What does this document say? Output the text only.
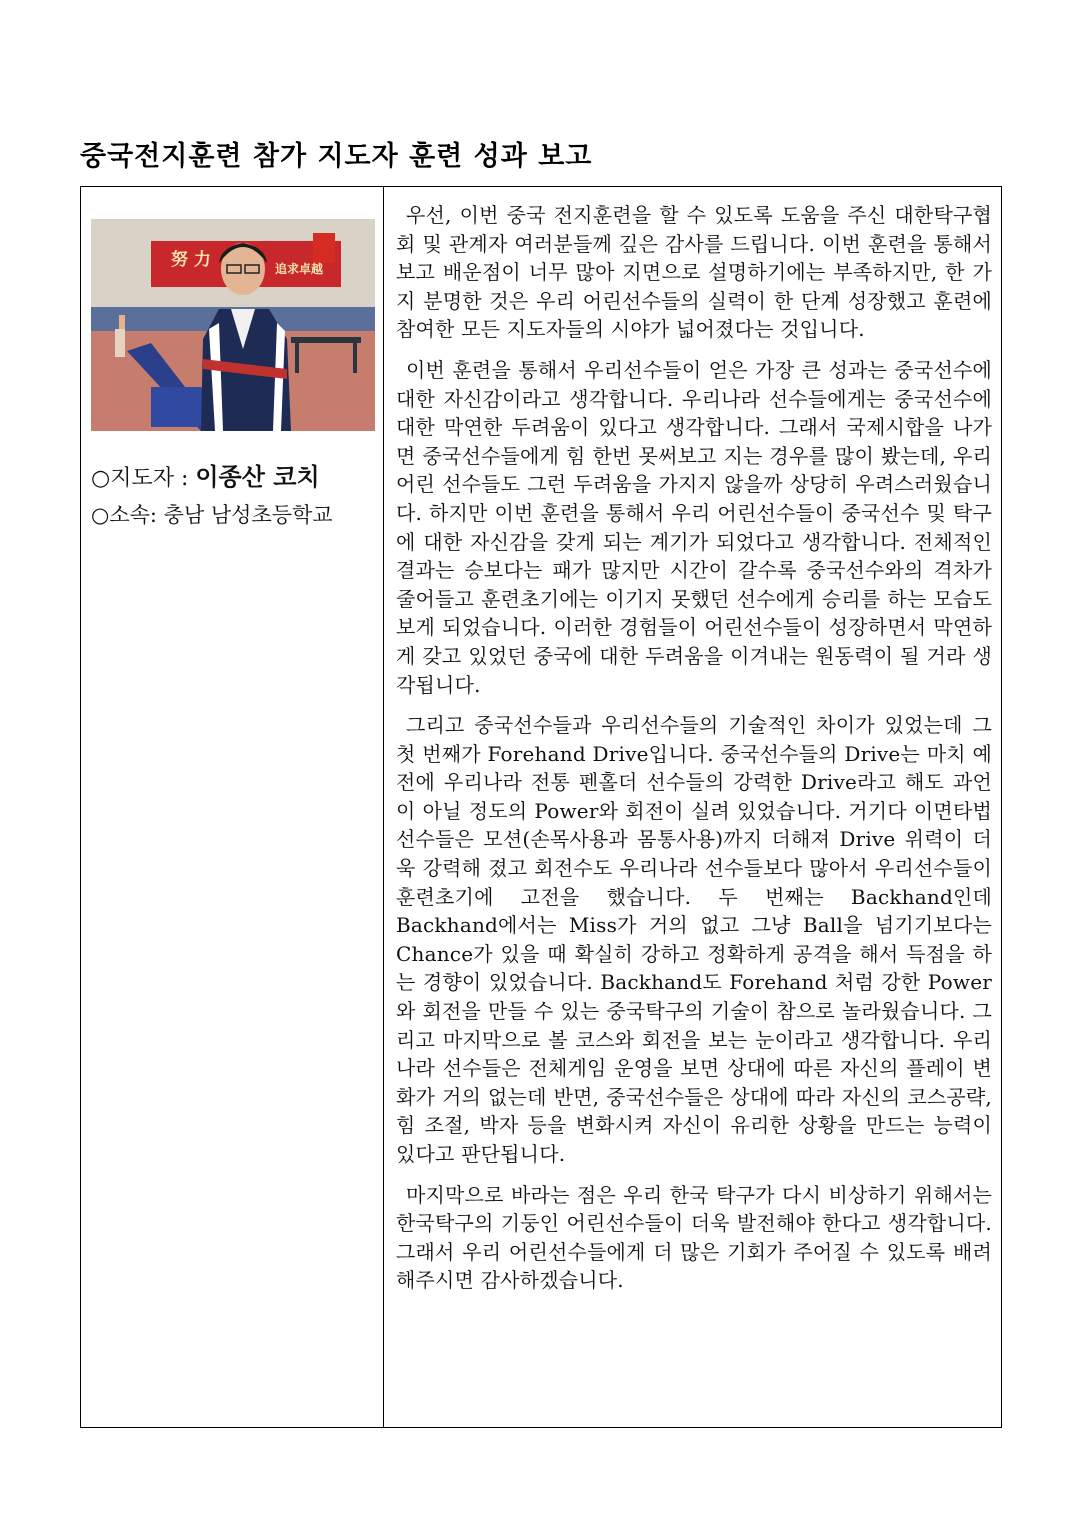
중국전지훈련 참가 지도자 훈련 성과 보고
努 力	追求卓越
○지도자 : 이종산 코치
○소속: 충남 남성초등학교

우선, 이번 중국 전지훈련을 할 수 있도록 도움을 주신 대한탁구협회 및 관계자 여러분들께 깊은 감사를 드립니다. 이번 훈련을 통해서 보고 배운점이 너무 많아 지면으로 설명하기에는 부족하지만, 한 가지 분명한 것은 우리 어린선수들의 실력이 한 단계 성장했고 훈련에 참여한 모든 지도자들의 시야가 넓어졌다는 것입니다.

이번 훈련을 통해서 우리선수들이 얻은 가장 큰 성과는 중국선수에 대한 자신감이라고 생각합니다. 우리나라 선수들에게는 중국선수에 대한 막연한 두려움이 있다고 생각합니다. 그래서 국제시합을 나가면 중국선수들에게 힘 한번 못써보고 지는 경우를 많이 봤는데, 우리 어린 선수들도 그런 두려움을 가지지 않을까 상당히 우려스러웠습니다. 하지만 이번 훈련을 통해서 우리 어린선수들이 중국선수 및 탁구에 대한 자신감을 갖게 되는 계기가 되었다고 생각합니다. 전체적인 결과는 승보다는 패가 많지만 시간이 갈수록 중국선수와의 격차가 줄어들고 훈련초기에는 이기지 못했던 선수에게 승리를 하는 모습도 보게 되었습니다. 이러한 경험들이 어린선수들이 성장하면서 막연하게 갖고 있었던 중국에 대한 두려움을 이겨내는 원동력이 될 거라 생각됩니다.

그리고 중국선수들과 우리선수들의 기술적인 차이가 있었는데 그 첫 번째가 Forehand Drive입니다. 중국선수들의 Drive는 마치 예전에 우리나라 전통 펜홀더 선수들의 강력한 Drive라고 해도 과언이 아닐 정도의 Power와 회전이 실려 있었습니다. 거기다 이면타법 선수들은 모션(손목사용과 몸통사용)까지 더해져 Drive 위력이 더욱 강력해 졌고 회전수도 우리나라 선수들보다 많아서 우리선수들이 훈련초기에 고전을 했습니다. 두 번째는 Backhand인데 Backhand에서는 Miss가 거의 없고 그냥 Ball을 넘기기보다는 Chance가 있을 때 확실히 강하고 정확하게 공격을 해서 득점을 하는 경향이 있었습니다. Backhand도 Forehand 처럼 강한 Power와 회전을 만들 수 있는 중국탁구의 기술이 참으로 놀라웠습니다. 그리고 마지막으로 볼 코스와 회전을 보는 눈이라고 생각합니다. 우리나라 선수들은 전체게임 운영을 보면 상대에 따른 자신의 플레이 변화가 거의 없는데 반면, 중국선수들은 상대에 따라 자신의 코스공략, 힘 조절, 박자 등을 변화시켜 자신이 유리한 상황을 만드는 능력이 있다고 판단됩니다.

마지막으로 바라는 점은 우리 한국 탁구가 다시 비상하기 위해서는 한국탁구의 기둥인 어린선수들이 더욱 발전해야 한다고 생각합니다. 그래서 우리 어린선수들에게 더 많은 기회가 주어질 수 있도록 배려해주시면 감사하겠습니다.
